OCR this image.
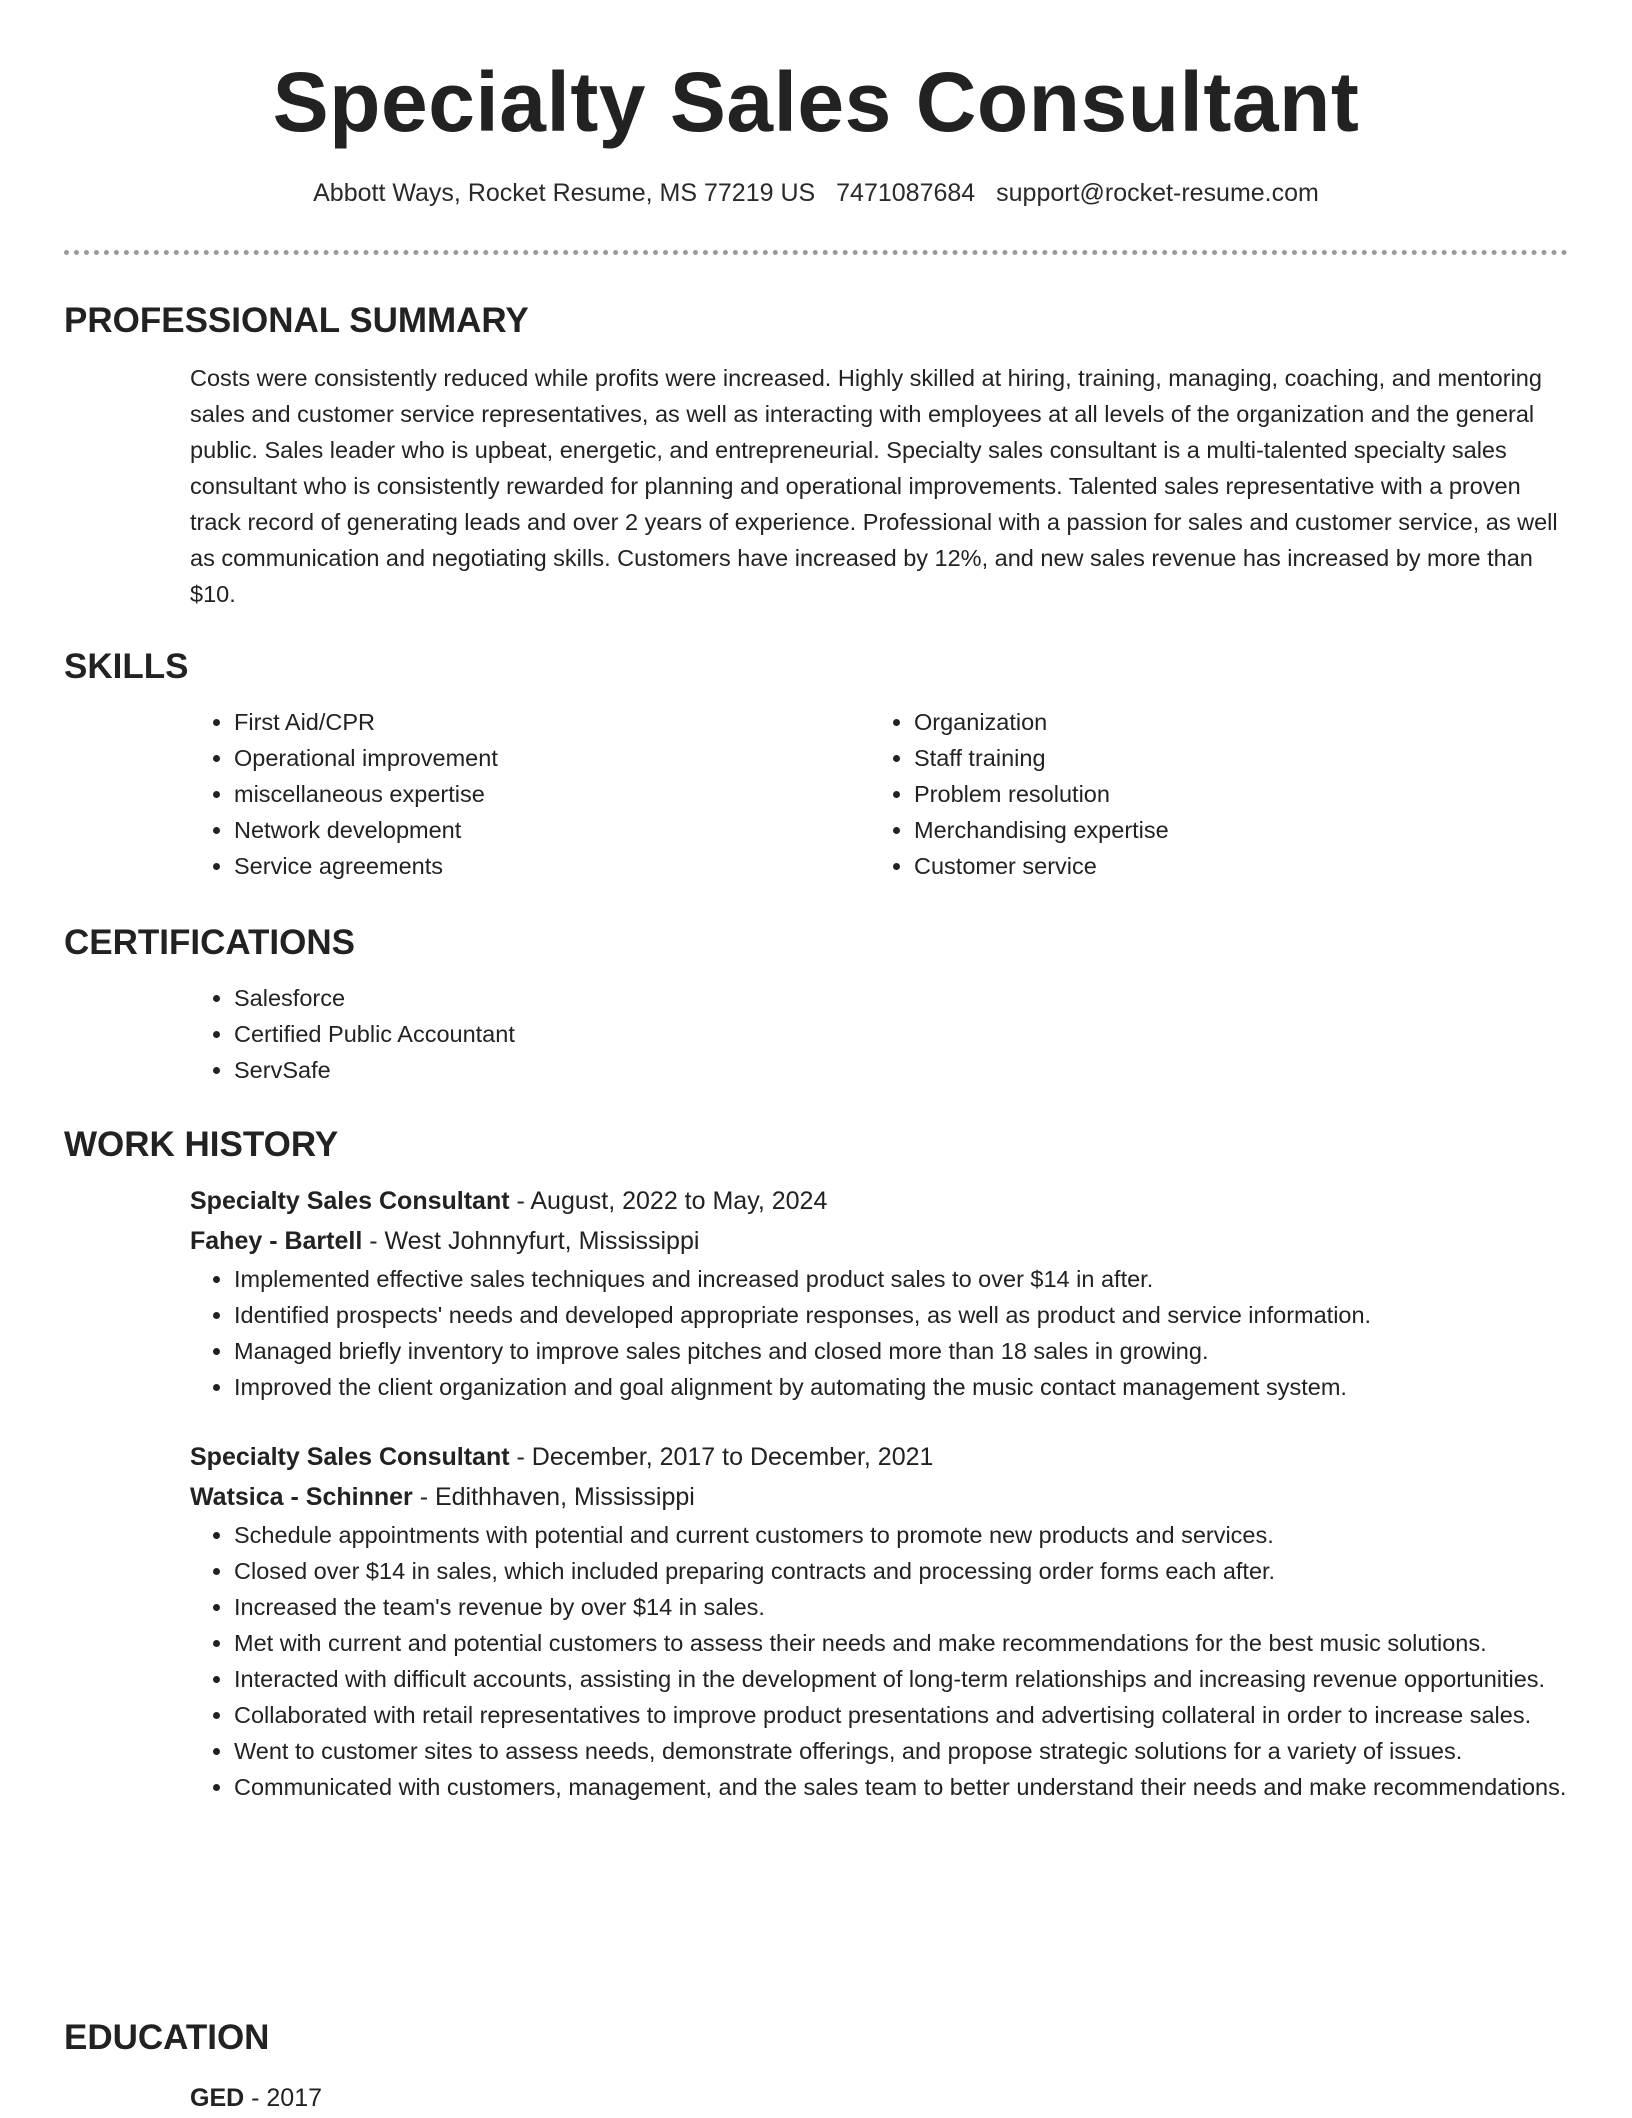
Specialty Sales Consultant
Abbott Ways, Rocket Resume, MS 77219 US 7471087684 support@rocket-resume.com
PROFESSIONAL SUMMARY
Costs were consistently reduced while profits were increased. Highly skilled at hiring, training, managing, coaching, and mentoring sales and customer service representatives, as well as interacting with employees at all levels of the organization and the general public. Sales leader who is upbeat, energetic, and entrepreneurial. Specialty sales consultant is a multi-talented specialty sales consultant who is consistently rewarded for planning and operational improvements. Talented sales representative with a proven track record of generating leads and over 2 years of experience. Professional with a passion for sales and customer service, as well as communication and negotiating skills. Customers have increased by 12%, and new sales revenue has increased by more than $10.
SKILLS
• First Aid/CPR
• Operational improvement
• miscellaneous expertise
• Network development
• Service agreements
• Organization
• Staff training
• Problem resolution
• Merchandising expertise
• Customer service
CERTIFICATIONS
• Salesforce
• Certified Public Accountant
• ServSafe
WORK HISTORY
Specialty Sales Consultant - August, 2022 to May, 2024
Fahey - Bartell - West Johnnyfurt, Mississippi
• Implemented effective sales techniques and increased product sales to over $14 in after.
• Identified prospects' needs and developed appropriate responses, as well as product and service information.
• Managed briefly inventory to improve sales pitches and closed more than 18 sales in growing.
• Improved the client organization and goal alignment by automating the music contact management system.
Specialty Sales Consultant - December, 2017 to December, 2021
Watsica - Schinner - Edithhaven, Mississippi
• Schedule appointments with potential and current customers to promote new products and services.
• Closed over $14 in sales, which included preparing contracts and processing order forms each after.
• Increased the team's revenue by over $14 in sales.
• Met with current and potential customers to assess their needs and make recommendations for the best music solutions.
• Interacted with difficult accounts, assisting in the development of long-term relationships and increasing revenue opportunities.
• Collaborated with retail representatives to improve product presentations and advertising collateral in order to increase sales.
• Went to customer sites to assess needs, demonstrate offerings, and propose strategic solutions for a variety of issues.
• Communicated with customers, management, and the sales team to better understand their needs and make recommendations.
EDUCATION
GED - 2017
